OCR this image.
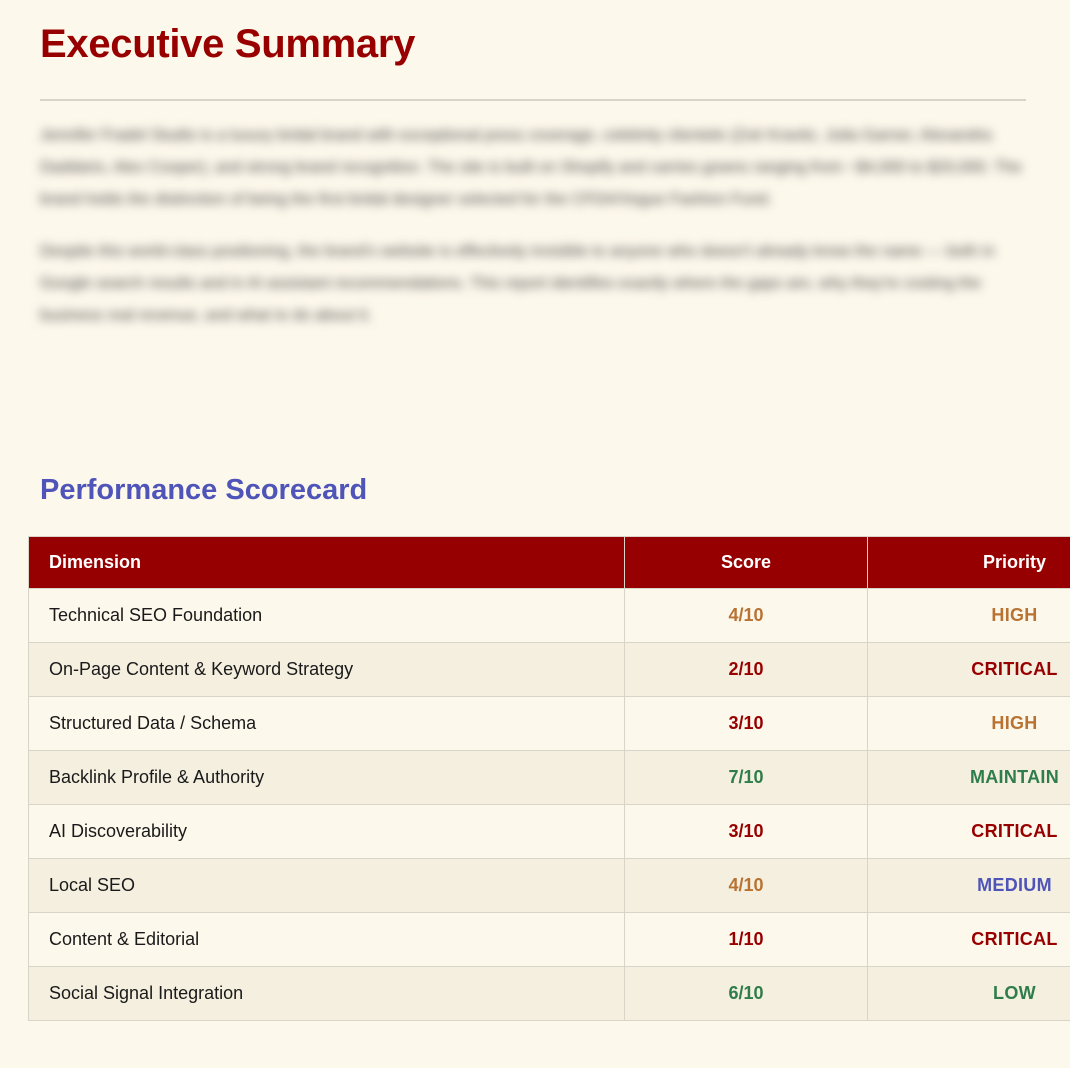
Executive Summary

Jennifer Fradel Studio is a luxury bridal brand with exceptional press coverage, celebrity clientele (Zoë Kravitz, Julia Garner, Alexandra Daddario, Alex Cooper), and strong brand recognition. The site is built on Shopify and carries gowns ranging from ~$4,000 to $20,000. The brand holds the distinction of being the first bridal designer selected for the CFDA/Vogue Fashion Fund.

Despite this world-class positioning, the brand's website is effectively invisible to anyone who doesn't already know the name — both in Google search results and in AI assistant recommendations. This report identifies exactly where the gaps are, why they're costing the business real revenue, and what to do about it.

Performance Scorecard
Dimension	Score	Priority
Technical SEO Foundation	4/10	HIGH
On-Page Content & Keyword Strategy	2/10	CRITICAL
Structured Data / Schema	3/10	HIGH
Backlink Profile & Authority	7/10	MAINTAIN
AI Discoverability	3/10	CRITICAL
Local SEO	4/10	MEDIUM
Content & Editorial	1/10	CRITICAL
Social Signal Integration	6/10	LOW
